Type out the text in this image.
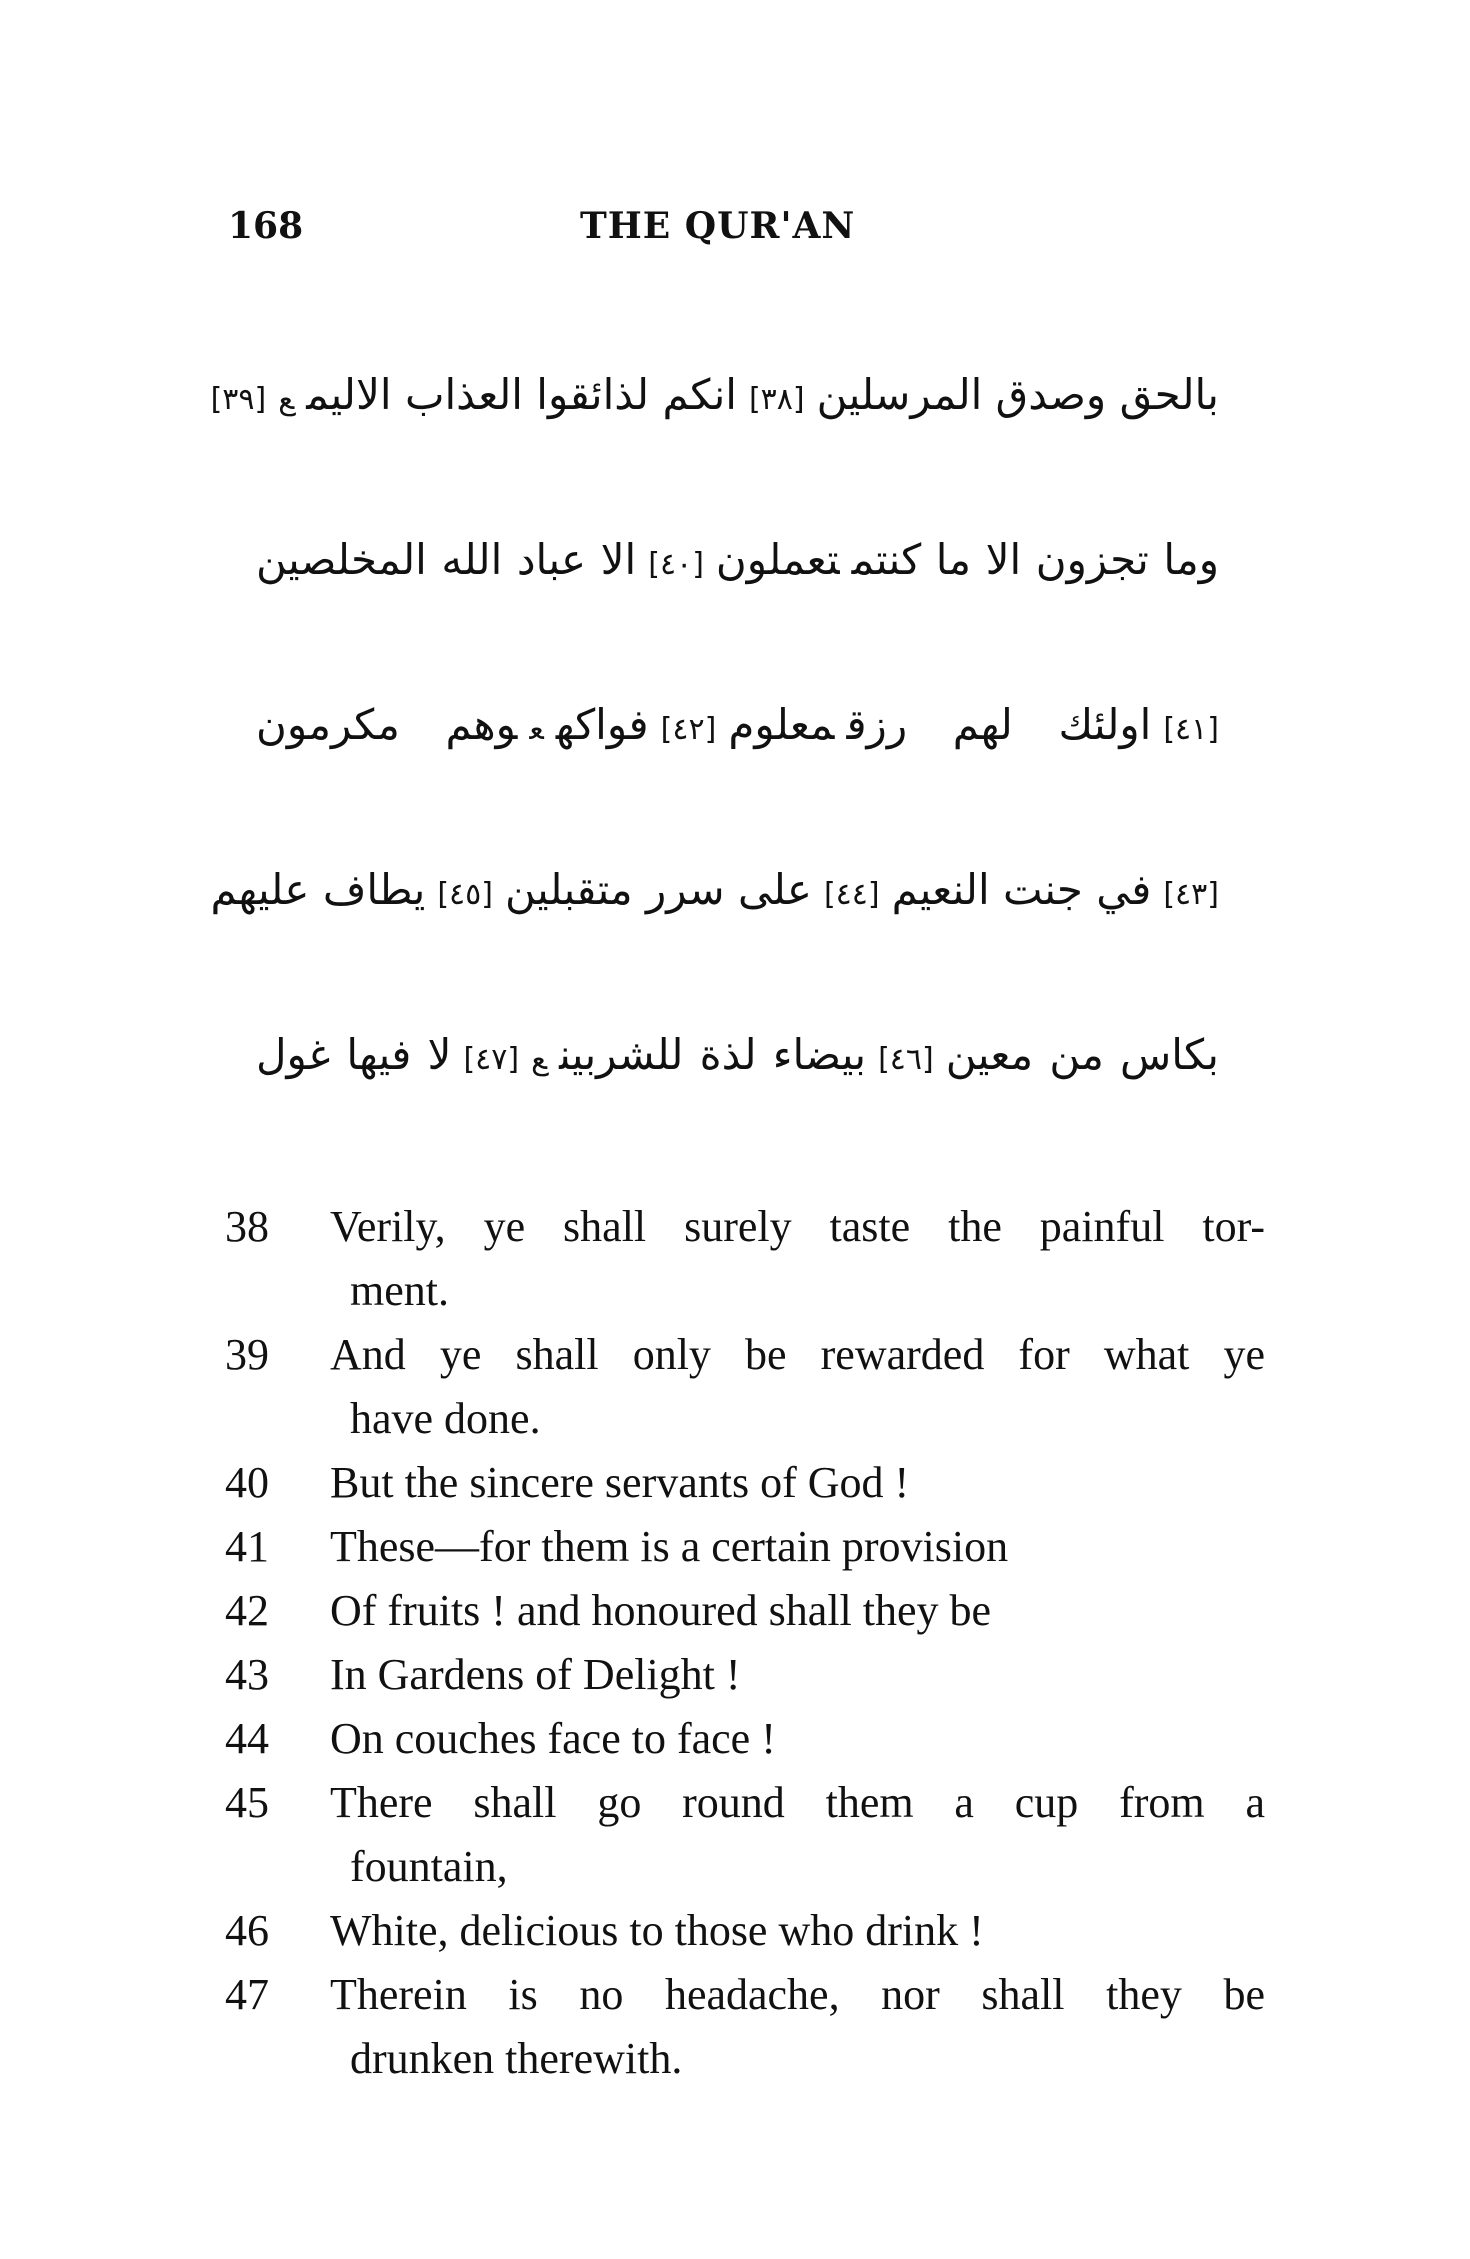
168	THE QUR'AN
بالحق وصدق المرسلين[٣٨]انكم لذائقوا العذاب الاليمع[٣٩]
وما تجزون الا ما كنتمتعملون[٤٠]الا عباد الله المخلصين
[٤١]اولئك لهم رزقمعلوم[٤٢]فواكهعوهم مكرمون
[٤٣]في جنت النعيم[٤٤]على سرر متقبلين[٤٥]يطاف عليهم
بكاس من معين[٤٦]بيضاء لذة للشربينع[٤٧]لا فيها غول
38 Verily, ye shall surely taste the painful tor-
ment.
39 And ye shall only be rewarded for what ye
have done.
40 But the sincere servants of God !
41 These—for them is a certain provision
42 Of fruits ! and honoured shall they be
43 In Gardens of Delight !
44 On couches face to face !
45 There shall go round them a cup from a
fountain,
46 White, delicious to those who drink !
47 Therein is no headache, nor shall they be
drunken therewith.
